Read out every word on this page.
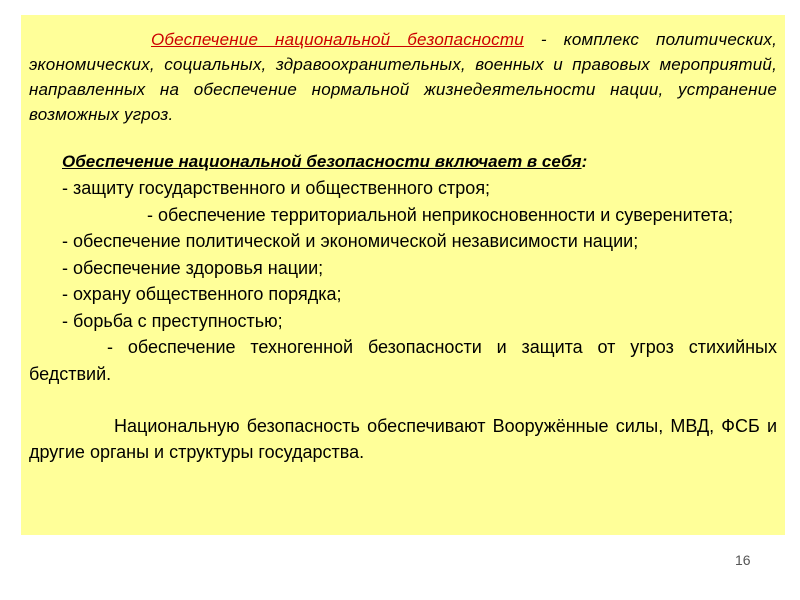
Обеспечение национальной безопасности - комплекс политических, экономических, социальных, здравоохранительных, военных и правовых мероприятий, направленных на обеспечение нормальной жизнедеятельности нации, устранение возможных угроз.

Обеспечение национальной безопасности включает в себя:

- защиту государственного и общественного строя;
- обеспечение территориальной неприкосновенности и суверенитета;
- обеспечение политической и экономической независимости нации;
- обеспечение здоровья нации;
- охрану общественного порядка;
- борьба с преступностью;
- обеспечение техногенной безопасности и защита от угроз стихийных бедствий.

Национальную безопасность обеспечивают Вооружённые силы, МВД, ФСБ и другие органы и структуры государства.

16
